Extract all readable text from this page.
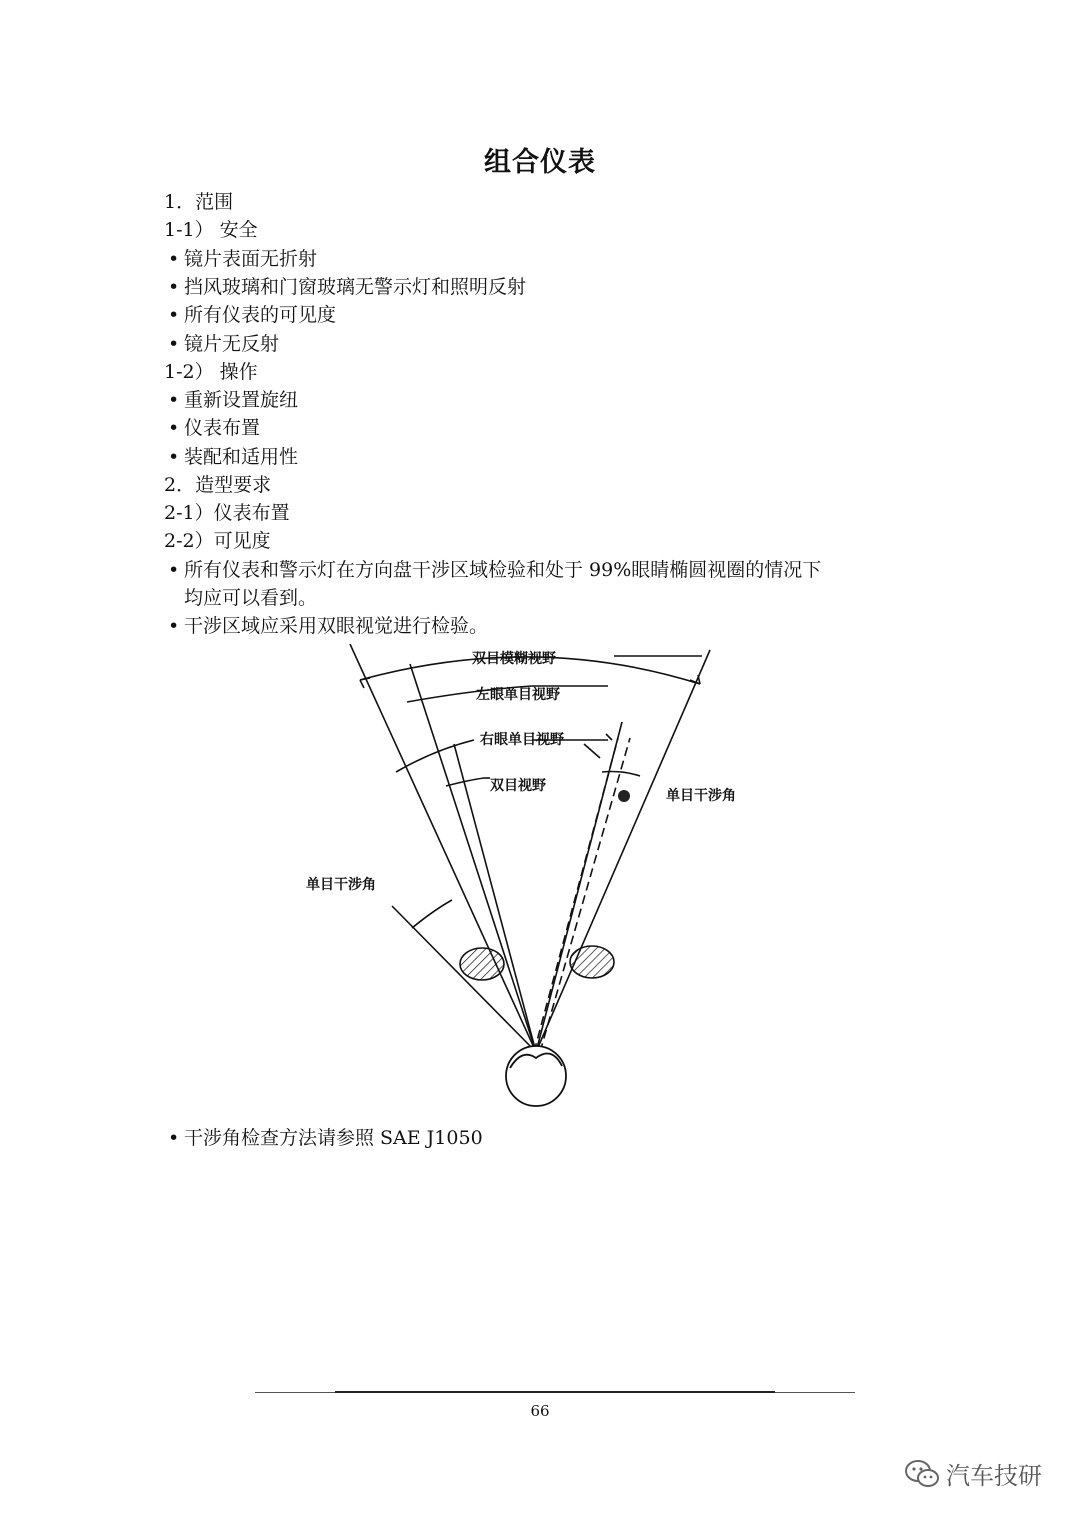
组合仪表
1．范围
1-1） 安全
• 镜片表面无折射
• 挡风玻璃和门窗玻璃无警示灯和照明反射
• 所有仪表的可见度
• 镜片无反射
1-2） 操作
• 重新设置旋纽
• 仪表布置
• 装配和适用性
2．造型要求
2-1）仪表布置
2-2）可见度
• 所有仪表和警示灯在方向盘干涉区域检验和处于 99%眼睛椭圆视圈的情况下
均应可以看到。
• 干涉区域应采用双眼视觉进行检验。
双目模糊视野
左眼单目视野
右眼单目视野
双目视野
单目干涉角
单目干涉角
• 干涉角检查方法请参照 SAE J1050
66
汽车技研
